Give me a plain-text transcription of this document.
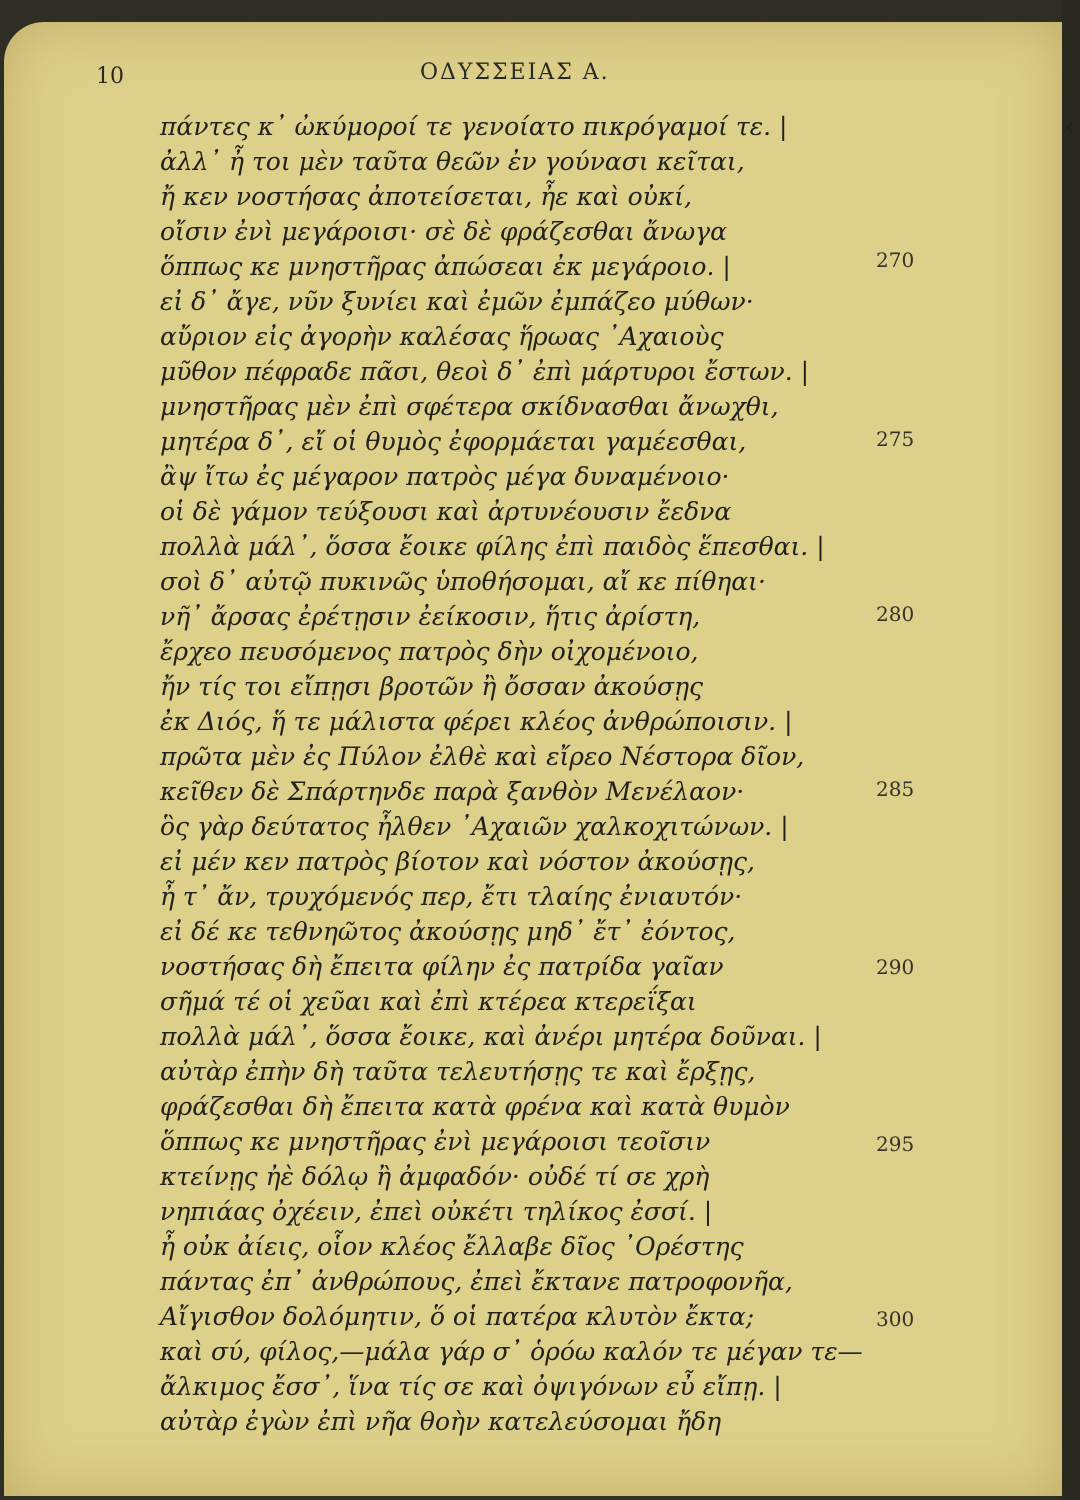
‹
10	ΟΔΥΣΣΕΙΑΣ Α.
πάντες κ᾿ ὠκύμοροί τε γενοίατο πικρόγαμοί τε. |
ἀλλ᾿ ἦ τοι μὲν ταῦτα θεῶν ἐν γούνασι κεῖται,
ἤ κεν νοστήσας ἀποτείσεται, ἦε καὶ οὐκί,
οἴσιν ἐνὶ μεγάροισι· σὲ δὲ φράζεσθαι ἄνωγα
ὅππως κε μνηστῆρας ἀπώσεαι ἐκ μεγάροιο. |
εἰ δ᾿ ἄγε, νῦν ξυνίει καὶ ἐμῶν ἐμπάζεο μύθων·
αὔριον εἰς ἀγορὴν καλέσας ἥρωας ᾿Αχαιοὺς
μῦθον πέφραδε πᾶσι, θεοὶ δ᾿ ἐπὶ μάρτυροι ἔστων. |
μνηστῆρας μὲν ἐπὶ σφέτερα σκίδνασθαι ἄνωχθι,
μητέρα δ᾿, εἴ οἱ θυμὸς ἐφορμάεται γαμέεσθαι,
ἂψ ἴτω ἐς μέγαρον πατρὸς μέγα δυναμένοιο·
οἱ δὲ γάμον τεύξουσι καὶ ἀρτυνέουσιν ἔεδνα
πολλὰ μάλ᾿, ὅσσα ἔοικε φίλης ἐπὶ παιδὸς ἕπεσθαι. |
σοὶ δ᾿ αὐτῷ πυκινῶς ὑποθήσομαι, αἴ κε πίθηαι·
νῆ᾿ ἄρσας ἐρέτῃσιν ἐείκοσιν, ἥτις ἀρίστη,
ἔρχεο πευσόμενος πατρὸς δὴν οἰχομένοιο,
ἤν τίς τοι εἴπῃσι βροτῶν ἢ ὄσσαν ἀκούσῃς
ἐκ Διός, ἥ τε μάλιστα φέρει κλέος ἀνθρώποισιν. |
πρῶτα μὲν ἐς Πύλον ἐλθὲ καὶ εἴρεο Νέστορα δῖον,
κεῖθεν δὲ Σπάρτηνδε παρὰ ξανθὸν Μενέλαον·
ὃς γὰρ δεύτατος ἦλθεν ᾿Αχαιῶν χαλκοχιτώνων. |
εἰ μέν κεν πατρὸς βίοτον καὶ νόστον ἀκούσῃς,
ἦ τ᾿ ἄν, τρυχόμενός περ, ἔτι τλαίης ἐνιαυτόν·
εἰ δέ κε τεθνηῶτος ἀκούσῃς μηδ᾿ ἔτ᾿ ἐόντος,
νοστήσας δὴ ἔπειτα φίλην ἐς πατρίδα γαῖαν
σῆμά τέ οἱ χεῦαι καὶ ἐπὶ κτέρεα κτερεΐξαι
πολλὰ μάλ᾿, ὅσσα ἔοικε, καὶ ἀνέρι μητέρα δοῦναι. |
αὐτὰρ ἐπὴν δὴ ταῦτα τελευτήσῃς τε καὶ ἔρξῃς,
φράζεσθαι δὴ ἔπειτα κατὰ φρένα καὶ κατὰ θυμὸν
ὅππως κε μνηστῆρας ἐνὶ μεγάροισι τεοῖσιν
κτείνῃς ἠὲ δόλῳ ἢ ἀμφαδόν· οὐδέ τί σε χρὴ
νηπιάας ὀχέειν, ἐπεὶ οὐκέτι τηλίκος ἐσσί. |
ἦ οὐκ ἀίεις, οἷον κλέος ἔλλαβε δῖος ᾿Ορέστης
πάντας ἐπ᾿ ἀνθρώπους, ἐπεὶ ἔκτανε πατροφονῆα,
Αἴγισθον δολόμητιν, ὅ οἱ πατέρα κλυτὸν ἔκτα;
καὶ σύ, φίλος,—μάλα γάρ σ᾿ ὁρόω καλόν τε μέγαν τε—
ἄλκιμος ἔσσ᾿, ἵνα τίς σε καὶ ὀψιγόνων εὖ εἴπῃ. |
αὐτὰρ ἐγὼν ἐπὶ νῆα θοὴν κατελεύσομαι ἤδη
270
275
280
285
290
295
300
